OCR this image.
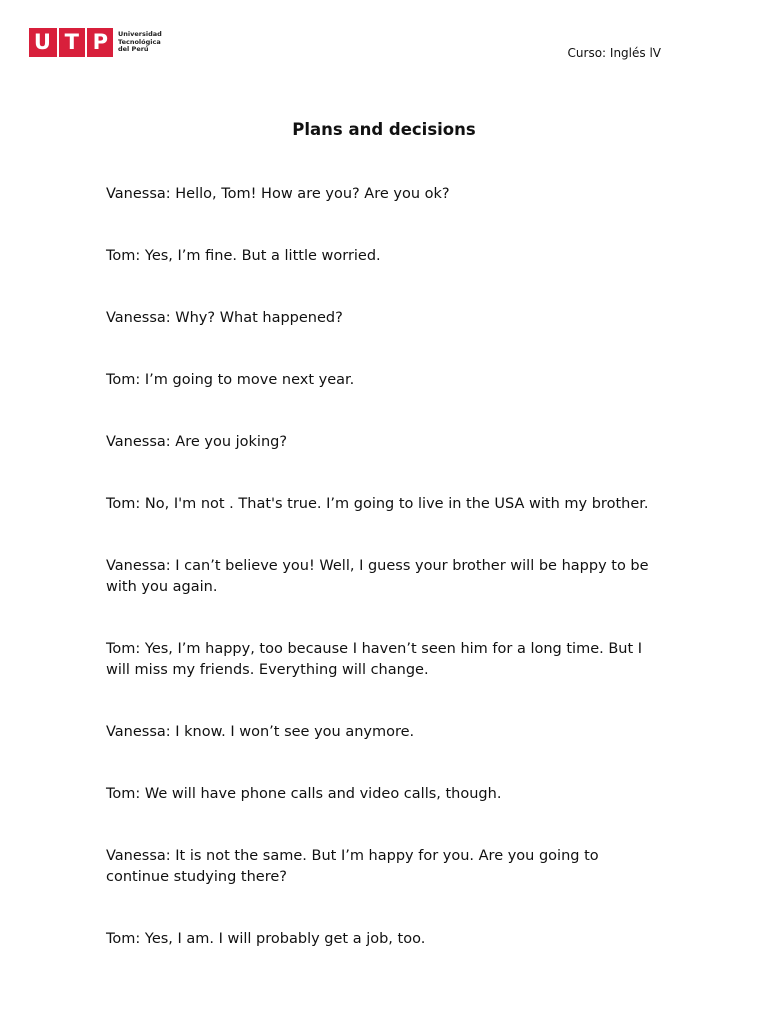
U T P Universidad
Tecnológica
del Perú	Curso: Inglés lV
Plans and decisions

Vanessa: Hello, Tom! How are you? Are you ok?

Tom: Yes, I’m fine. But a little worried.

Vanessa: Why? What happened?

Tom: I’m going to move next year.

Vanessa: Are you joking?

Tom: No, I'm not . That's true. I’m going to live in the USA with my brother.

Vanessa: I can’t believe you! Well, I guess your brother will be happy to be with you again.

Tom: Yes, I’m happy, too because I haven’t seen him for a long time. But I will miss my friends. Everything will change.

Vanessa: I know. I won’t see you anymore.

Tom: We will have phone calls and video calls, though.

Vanessa: It is not the same. But I’m happy for you. Are you going to continue studying there?

Tom: Yes, I am. I will probably get a job, too.
